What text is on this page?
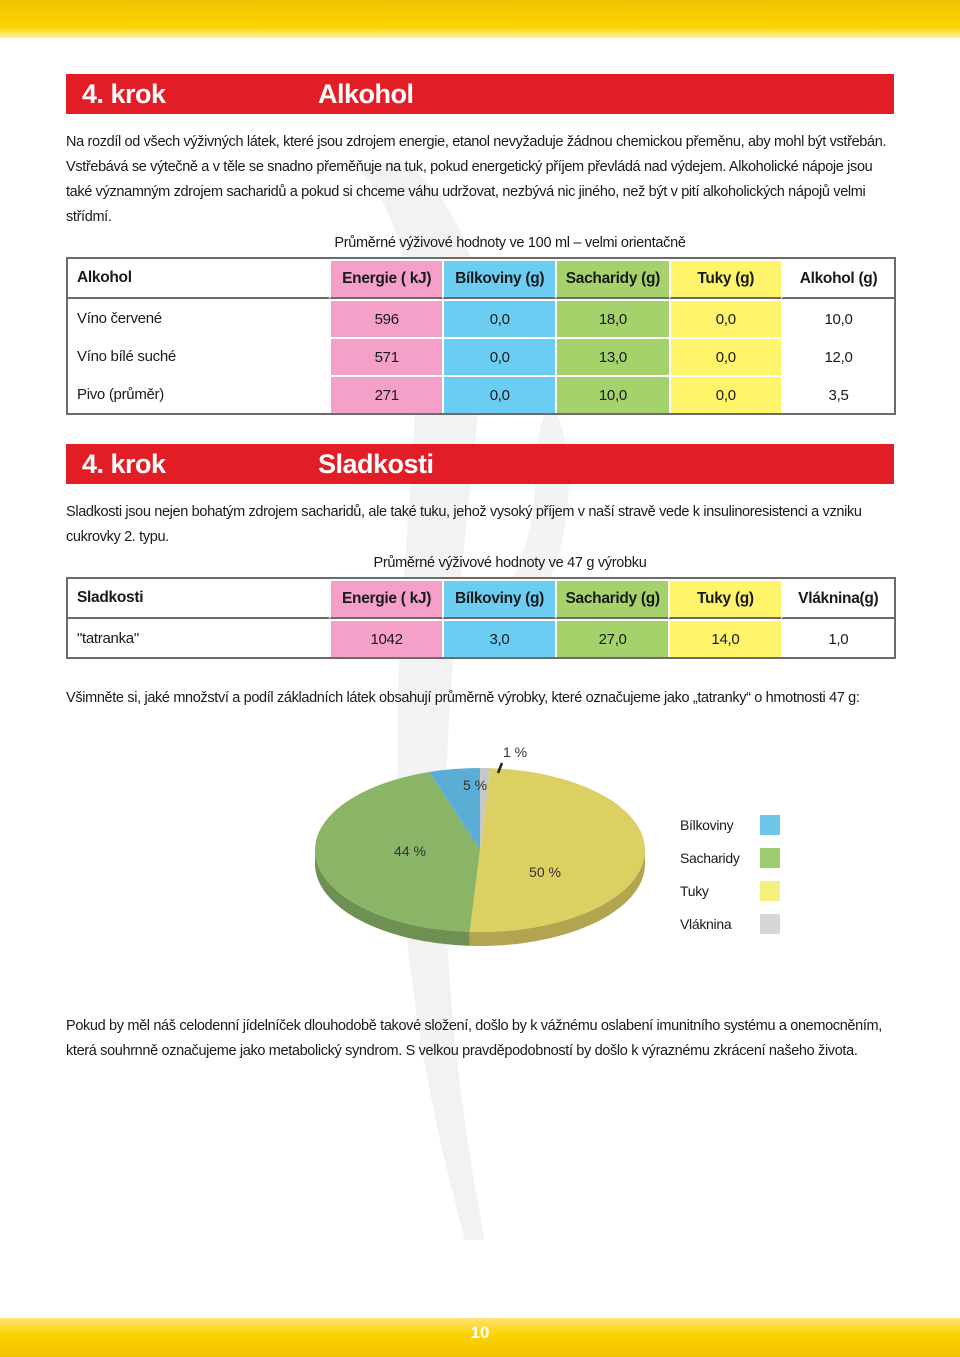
4. krok	Alkohol
Na rozdíl od všech výživných látek, které jsou zdrojem energie, etanol nevyžaduje žádnou chemickou přeměnu, aby mohl být vstřebán. Vstřebává se výtečně a v těle se snadno přeměňuje na tuk, pokud energetický příjem převládá nad výdejem. Alkoholické nápoje jsou také významným zdrojem sacharidů a pokud si chceme váhu udržovat, nezbývá nic jiného, než být v pití alkoholických nápojů velmi střídmí.
Průměrné výživové hodnoty ve 100 ml – velmi orientačně
Alkohol	Energie ( kJ)	Bílkoviny (g)	Sacharidy (g)	Tuky (g)	Alkohol (g)
Víno červené	596	0,0	18,0	0,0	10,0
Víno bílé suché	571	0,0	13,0	0,0	12,0
Pivo (průměr)	271	0,0	10,0	0,0	3,5
4. krok	Sladkosti
Sladkosti jsou nejen bohatým zdrojem sacharidů, ale také tuku, jehož vysoký příjem v naší stravě vede k insulinoresistenci a vzniku cukrovky 2. typu.
Průměrné výživové hodnoty ve 47 g výrobku
Sladkosti	Energie ( kJ)	Bílkoviny (g)	Sacharidy (g)	Tuky (g)	Vláknina(g)
"tatranka"	1042	3,0	27,0	14,0	1,0
Všimněte si, jaké množství a podíl základních látek obsahují průměrně výrobky, které označujeme jako „tatranky“ o hmotnosti 47 g:
5 %
1 %
50 %
44 %
Bílkoviny
Sacharidy
Tuky
Vláknina
Pokud by měl náš celodenní jídelníček dlouhodobě takové složení, došlo by k vážnému oslabení imunitního systému a onemocněním, která souhrnně označujeme jako metabolický syndrom. S velkou pravděpodobností by došlo k výraznému zkrácení našeho života.
10
